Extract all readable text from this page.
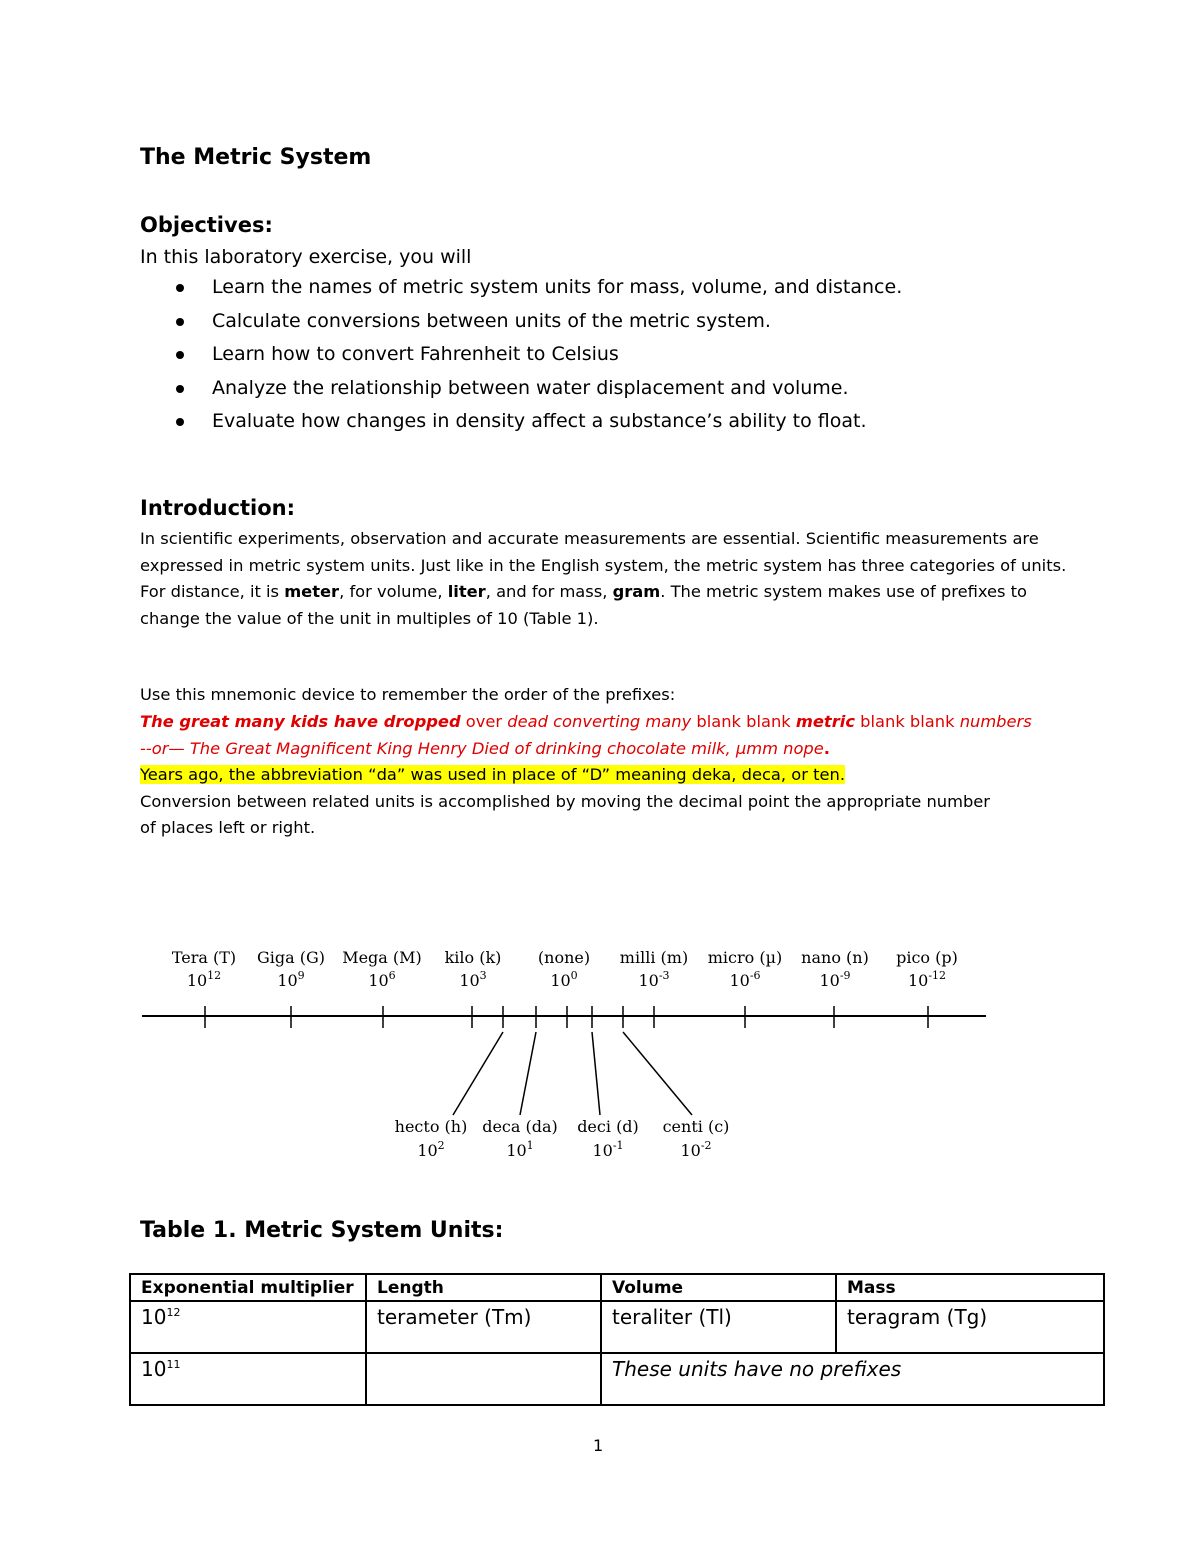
The Metric System
Objectives:

In this laboratory exercise, you will

Learn the names of metric system units for mass, volume, and distance.
Calculate conversions between units of the metric system.
Learn how to convert Fahrenheit to Celsius
Analyze the relationship between water displacement and volume.
Evaluate how changes in density affect a substance’s ability to float.
Introduction:

In scientific experiments, observation and accurate measurements are essential. Scientific measurements are expressed in metric system units. Just like in the English system, the metric system has three categories of units. For distance, it is meter, for volume, liter, and for mass, gram. The metric system makes use of prefixes to change the value of the unit in multiples of 10 (Table 1).

Use this mnemonic device to remember the order of the prefixes:

The great many kids have dropped over dead converting many blank blank metric blank blank numbers

--or— The Great Magnificent King Henry Died of drinking chocolate milk, µmm nope.

Years ago, the abbreviation “da” was used in place of “D” meaning deka, deca, or ten.

Conversion between related units is accomplished by moving the decimal point the appropriate number

of places left or right.

Tera (T)
$10^{12}$
Giga (G)
$10^9$
Mega (M)
$10^6$
kilo (k)
$10^3$
(none)
$10^0$
milli (m)
$10^{-3}$
micro (µ)
$10^{-6}$
nano (n)
$10^{-9}$
pico (p)
$10^{-12}$
hecto (h)
$10^2$
deca (da)
$10^1$
deci (d)
$10^{-1}$
centi (c)
$10^{-2}$
Table 1. Metric System Units:
Exponential multiplier	Length	Volume	Mass
$10^{12}$	terameter (Tm)	teraliter (Tl)	teragram (Tg)
$10^{11}$		These units have no prefixes	

1
